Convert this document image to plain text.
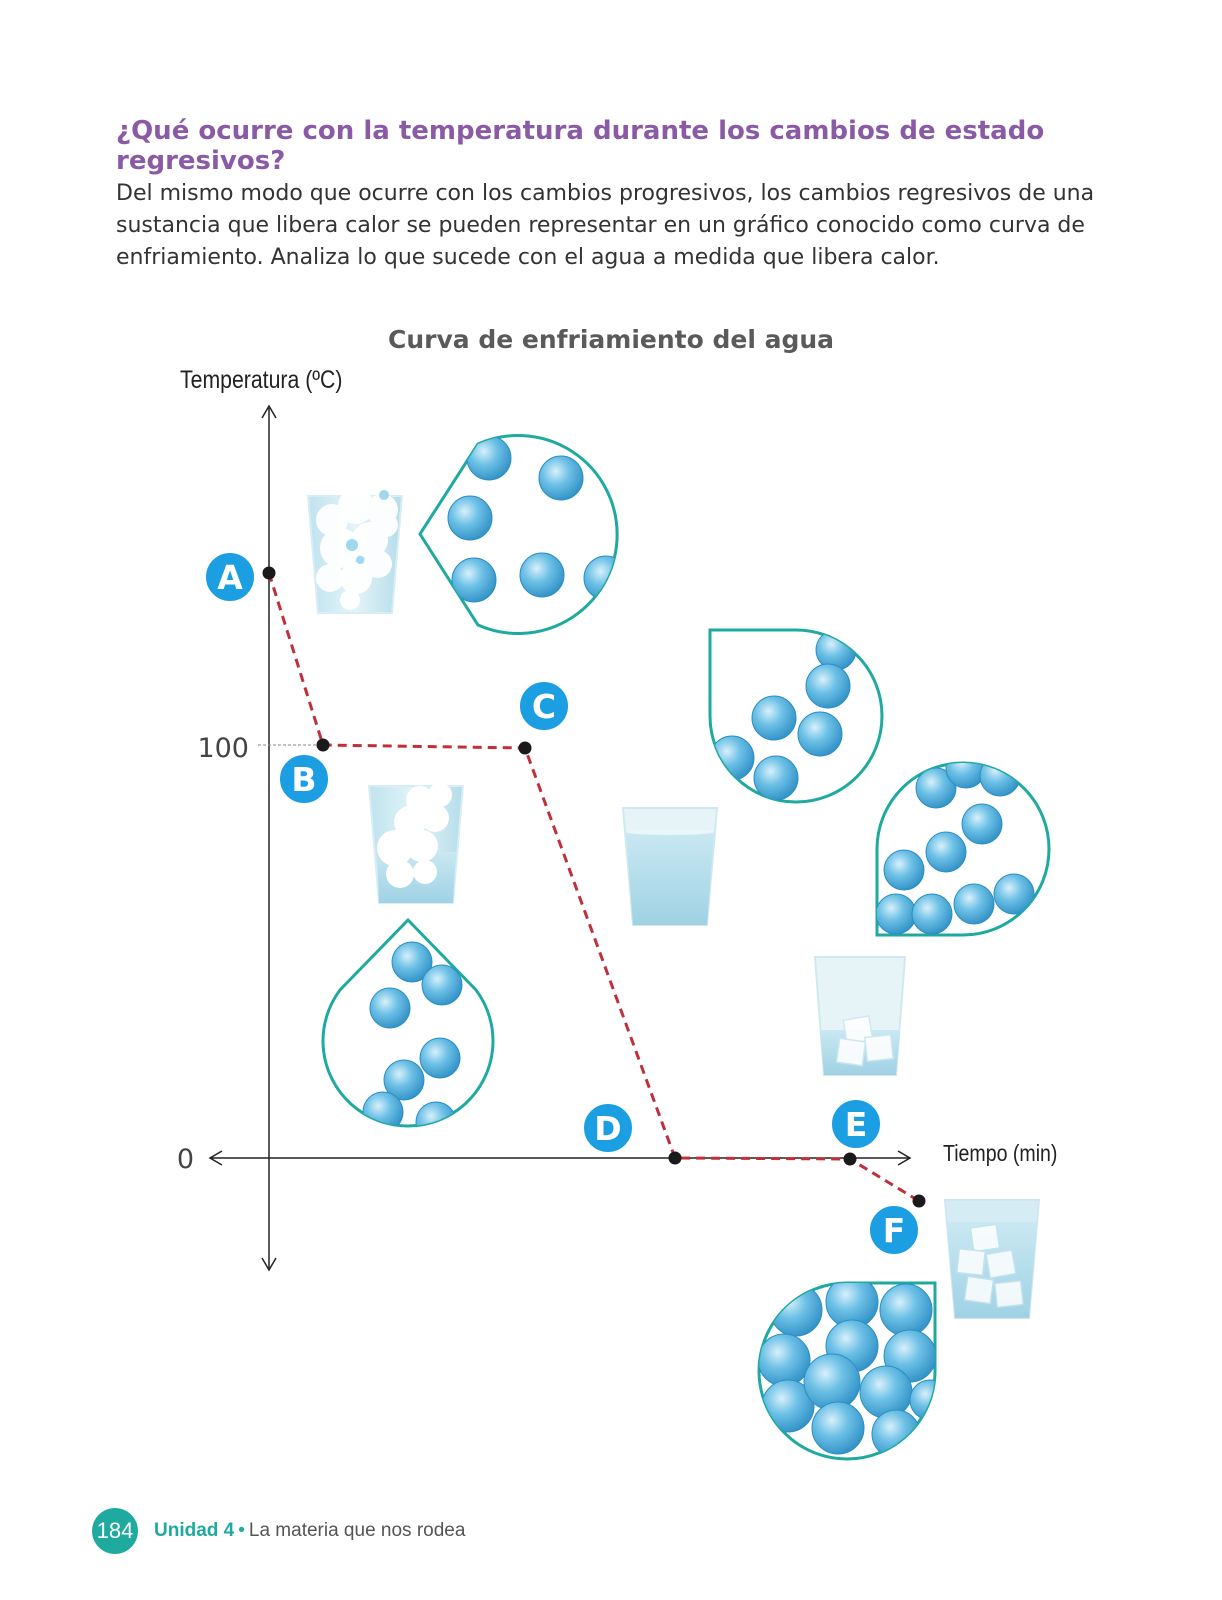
¿Qué ocurre con la temperatura durante los cambios de estado regresivos?
Del mismo modo que ocurre con los cambios progresivos, los cambios regresivos de una sustancia que libera calor se pueden representar en un gráfico conocido como curva de enfriamiento. Analiza lo que sucede con el agua a medida que libera calor.
Curva de enfriamiento del agua
Temperatura (ºC)
Tiempo (min)
100
0
A
B
C
D	E
F
184 Unidad 4 • La materia que nos rodea
